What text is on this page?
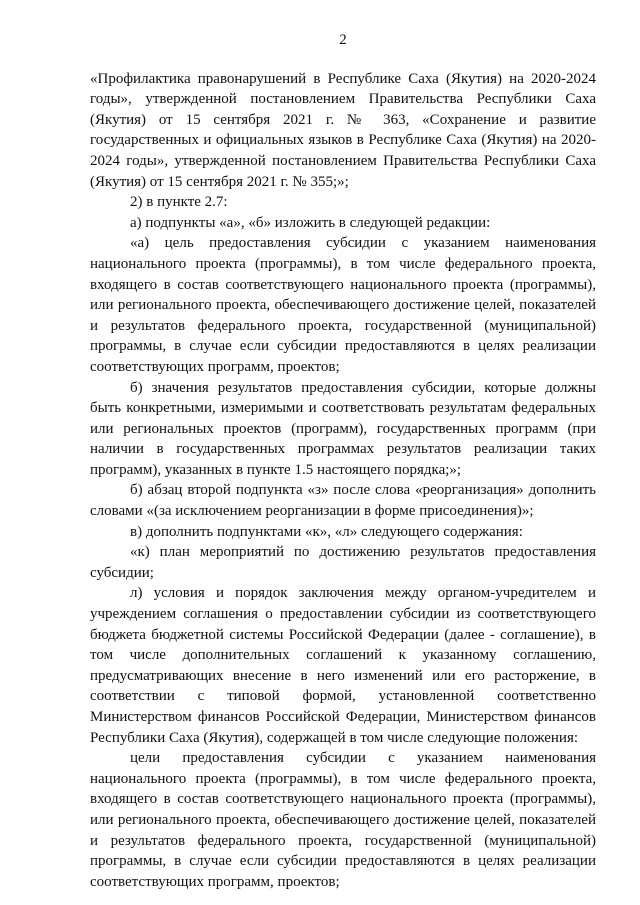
2

«Профилактика правонарушений в Республике Саха (Якутия) на 2020-2024 годы», утвержденной постановлением Правительства Республики Саха (Якутия) от 15 сентября 2021 г. № 363, «Сохранение и развитие государственных и официальных языков в Республике Саха (Якутия) на 2020-2024 годы», утвержденной постановлением Правительства Республики Саха (Якутия) от 15 сентября 2021 г. № 355;»;

2) в пункте 2.7:

а) подпункты «а», «б» изложить в следующей редакции:

«а) цель предоставления субсидии с указанием наименования национального проекта (программы), в том числе федерального проекта, входящего в состав соответствующего национального проекта (программы), или регионального проекта, обеспечивающего достижение целей, показателей и результатов федерального проекта, государственной (муниципальной) программы, в случае если субсидии предоставляются в целях реализации соответствующих программ, проектов;

б) значения результатов предоставления субсидии, которые должны быть конкретными, измеримыми и соответствовать результатам федеральных или региональных проектов (программ), государственных программ (при наличии в государственных программах результатов реализации таких программ), указанных в пункте 1.5 настоящего порядка;»;

б) абзац второй подпункта «з» после слова «реорганизация» дополнить словами «(за исключением реорганизации в форме присоединения)»;

в) дополнить подпунктами «к», «л» следующего содержания:

«к) план мероприятий по достижению результатов предоставления субсидии;

л) условия и порядок заключения между органом-учредителем и учреждением соглашения о предоставлении субсидии из соответствующего бюджета бюджетной системы Российской Федерации (далее - соглашение), в том числе дополнительных соглашений к указанному соглашению, предусматривающих внесение в него изменений или его расторжение, в соответствии с типовой формой, установленной соответственно Министерством финансов Российской Федерации, Министерством финансов Республики Саха (Якутия), содержащей в том числе следующие положения:

цели предоставления субсидии с указанием наименования национального проекта (программы), в том числе федерального проекта, входящего в состав соответствующего национального проекта (программы), или регионального проекта, обеспечивающего достижение целей, показателей и результатов федерального проекта, государственной (муниципальной) программы, в случае если субсидии предоставляются в целях реализации соответствующих программ, проектов;
